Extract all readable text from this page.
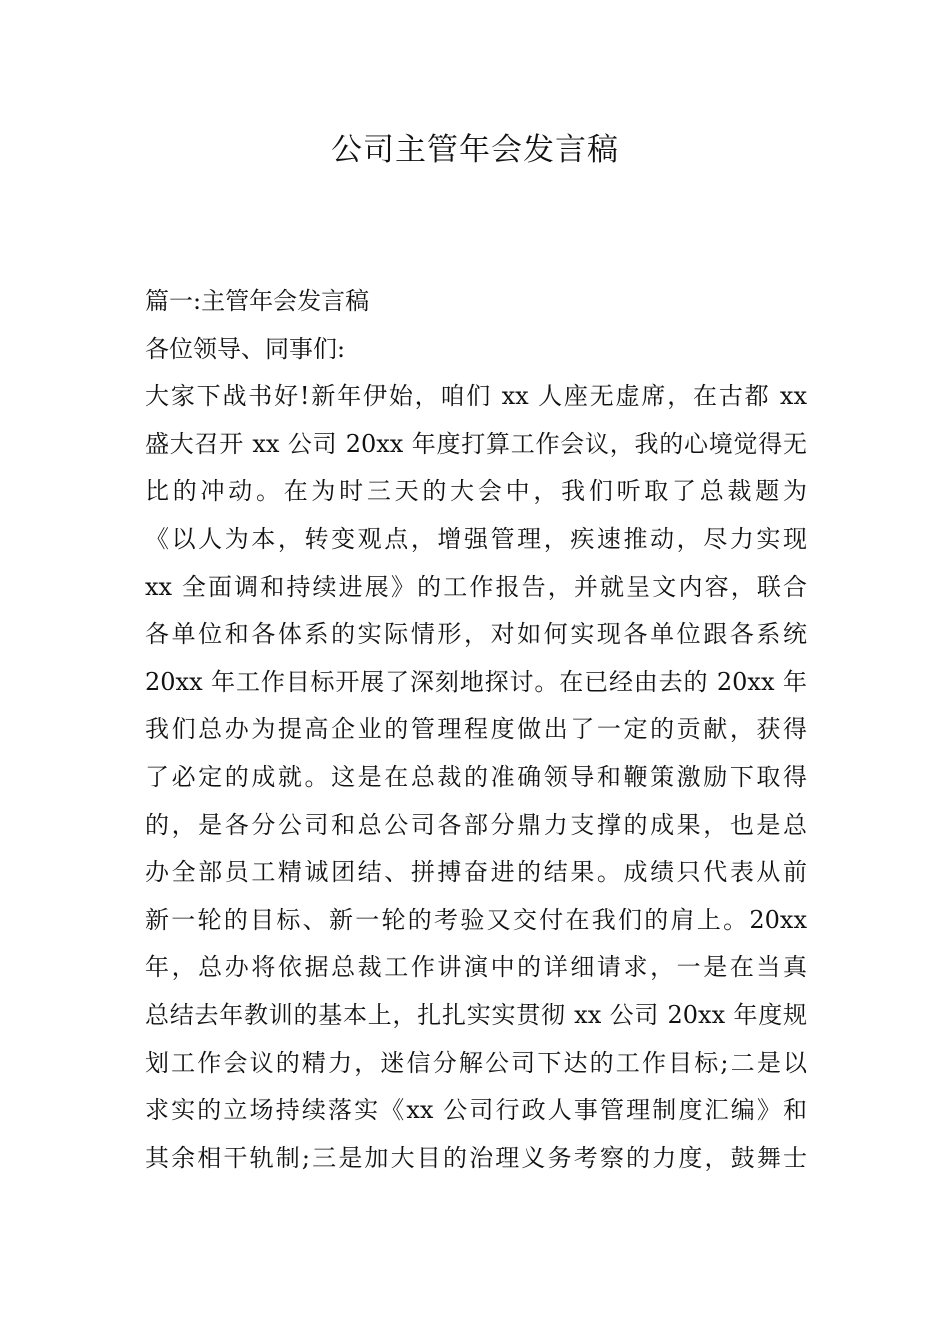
公司主管年会发言稿
篇一:主管年会发言稿
各位领导、同事们:
大家下战书好!新年伊始，咱们 xx 人座无虚席，在古都 xx
盛大召开 xx 公司 20xx 年度打算工作会议，我的心境觉得无
比的冲动。在为时三天的大会中，我们听取了总裁题为
《以人为本，转变观点，增强管理，疾速推动，尽力实现
xx 全面调和持续进展》的工作报告，并就呈文内容，联合
各单位和各体系的实际情形，对如何实现各单位跟各系统
20xx 年工作目标开展了深刻地探讨。在已经由去的 20xx 年
我们总办为提高企业的管理程度做出了一定的贡献，获得
了必定的成就。这是在总裁的准确领导和鞭策激励下取得
的，是各分公司和总公司各部分鼎力支撑的成果，也是总
办全部员工精诚团结、拼搏奋进的结果。成绩只代表从前
新一轮的目标、新一轮的考验又交付在我们的肩上。20xx
年，总办将依据总裁工作讲演中的详细请求，一是在当真
总结去年教训的基本上，扎扎实实贯彻 xx 公司 20xx 年度规
划工作会议的精力，迷信分解公司下达的工作目标;二是以
求实的立场持续落实《xx 公司行政人事管理制度汇编》和
其余相干轨制;三是加大目的治理义务考察的力度，鼓舞士
